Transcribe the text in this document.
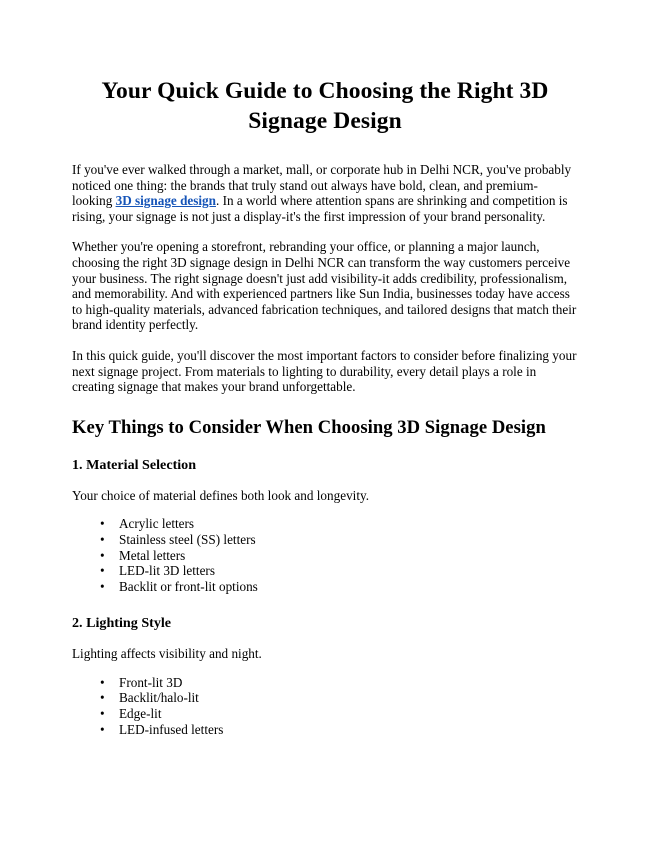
Your Quick Guide to Choosing the Right 3D Signage Design

If you've ever walked through a market, mall, or corporate hub in Delhi NCR, you've probably noticed one thing: the brands that truly stand out always have bold, clean, and premium-looking 3D signage design. In a world where attention spans are shrinking and competition is rising, your signage is not just a display-it's the first impression of your brand personality.

Whether you're opening a storefront, rebranding your office, or planning a major launch, choosing the right 3D signage design in Delhi NCR can transform the way customers perceive your business. The right signage doesn't just add visibility-it adds credibility, professionalism, and memorability. And with experienced partners like Sun India, businesses today have access to high-quality materials, advanced fabrication techniques, and tailored designs that match their brand identity perfectly.

In this quick guide, you'll discover the most important factors to consider before finalizing your next signage project. From materials to lighting to durability, every detail plays a role in creating signage that makes your brand unforgettable.

Key Things to Consider When Choosing 3D Signage Design
1. Material Selection

Your choice of material defines both look and longevity.

• Acrylic letters
• Stainless steel (SS) letters
• Metal letters
• LED-lit 3D letters
• Backlit or front-lit options
2. Lighting Style

Lighting affects visibility and night.

• Front-lit 3D
• Backlit/halo-lit
• Edge-lit
• LED-infused letters
